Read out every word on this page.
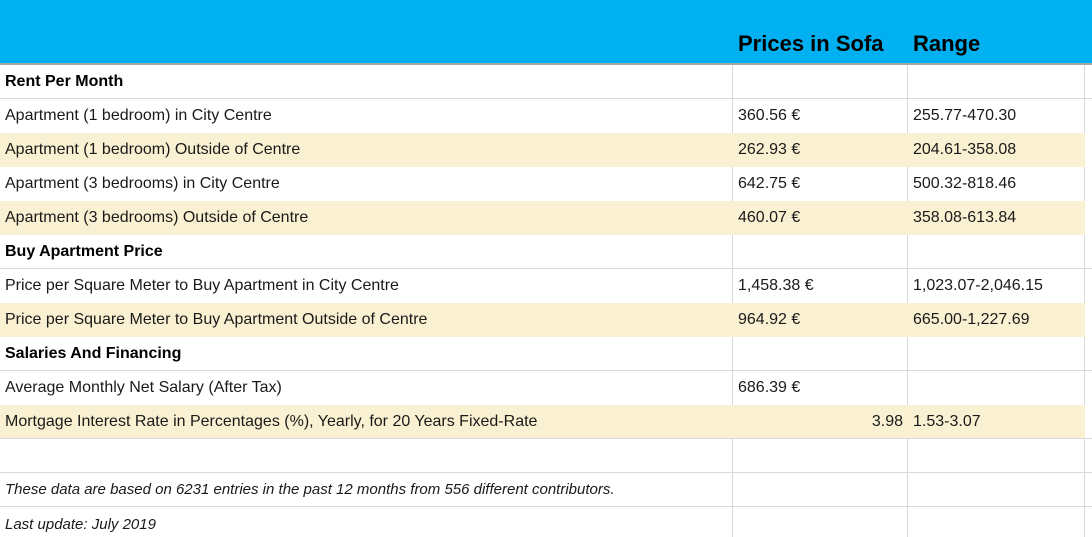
Prices in Sofa	Range
Rent Per Month
Apartment (1 bedroom) in City Centre	360.56 €	255.77-470.30
Apartment (1 bedroom) Outside of Centre	262.93 €	204.61-358.08
Apartment (3 bedrooms) in City Centre	642.75 €	500.32-818.46
Apartment (3 bedrooms) Outside of Centre	460.07 €	358.08-613.84
Buy Apartment Price
Price per Square Meter to Buy Apartment in City Centre	1,458.38 €	1,023.07-2,046.15
Price per Square Meter to Buy Apartment Outside of Centre	964.92 €	665.00-1,227.69
Salaries And Financing
Average Monthly Net Salary (After Tax)	686.39 €
Mortgage Interest Rate in Percentages (%), Yearly, for 20 Years Fixed-Rate	3.98 1.53-3.07
These data are based on 6231 entries in the past 12 months from 556 different contributors.
Last update: July 2019
